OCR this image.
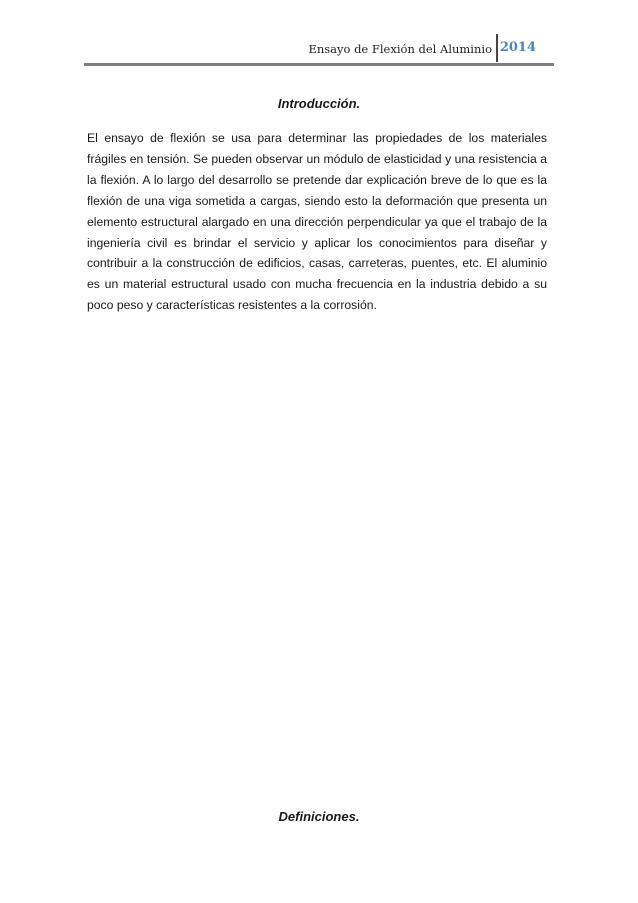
Ensayo de Flexión del Aluminio 2014
Introducción.
El ensayo de flexión se usa para determinar las propiedades de los materiales frágiles en tensión. Se pueden observar un módulo de elasticidad y una resistencia a la flexión. A lo largo del desarrollo se pretende dar explicación breve de lo que es la flexión de una viga sometida a cargas, siendo esto la deformación que presenta un elemento estructural alargado en una dirección perpendicular ya que el trabajo de la ingeniería civil es brindar el servicio y aplicar los conocimientos para diseñar y contribuir a la construcción de edificios, casas, carreteras, puentes, etc. El aluminio es un material estructural usado con mucha frecuencia en la industria debido a su poco peso y características resistentes a la corrosión.
Definiciones.
